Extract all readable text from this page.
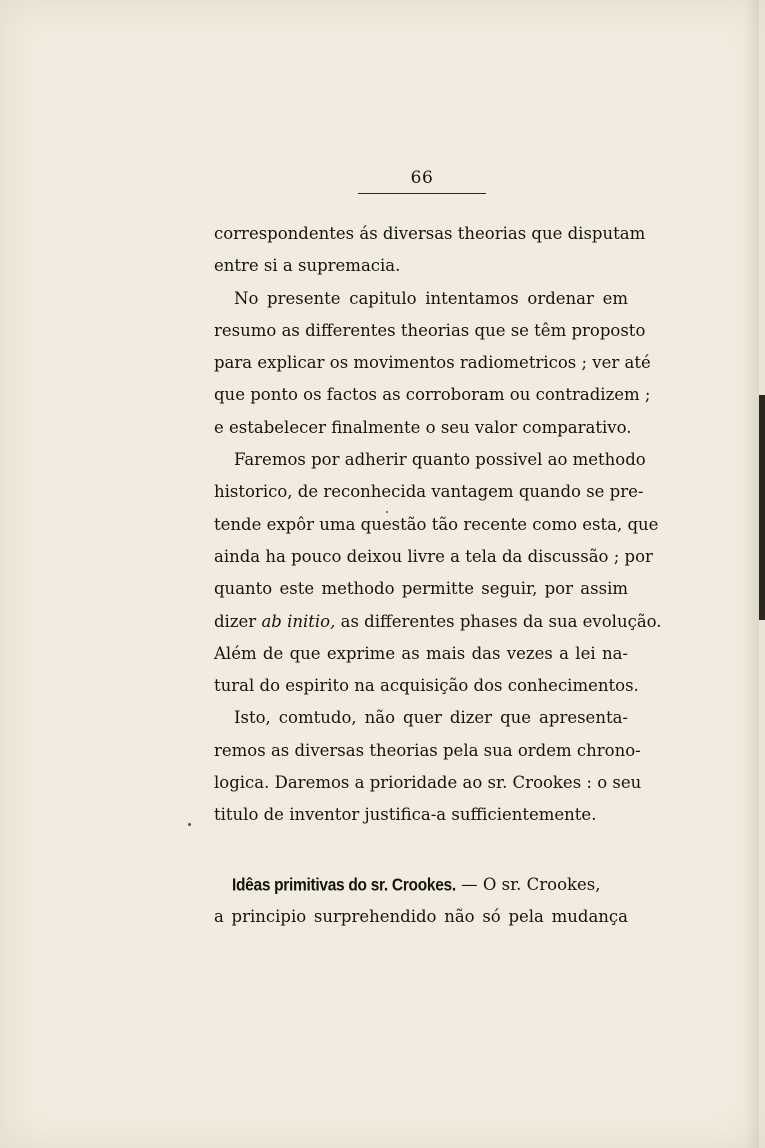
66
correspondentes ás diversas theorias que disputam
entre si a supremacia.
No presente capitulo intentamos ordenar em
resumo as differentes theorias que se têm proposto
para explicar os movimentos radiometricos ; ver até
que ponto os factos as corroboram ou contradizem ;
e estabelecer finalmente o seu valor comparativo.
Faremos por adherir quanto possivel ao methodo
historico, de reconhecida vantagem quando se pre-
tende expôr uma questão tão recente como esta, que
ainda ha pouco deixou livre a tela da discussão ; por
quanto este methodo permitte seguir, por assim
dizer ab initio, as differentes phases da sua evolução.
Além de que exprime as mais das vezes a lei na-
tural do espirito na acquisição dos conhecimentos.
Isto, comtudo, não quer dizer que apresenta-
remos as diversas theorias pela sua ordem chrono-
logica. Daremos a prioridade ao sr. Crookes : o seu
titulo de inventor justifica-a sufficientemente.
Idêas primitivas do sr. Crookes. — O sr. Crookes,
a principio surprehendido não só pela mudança
